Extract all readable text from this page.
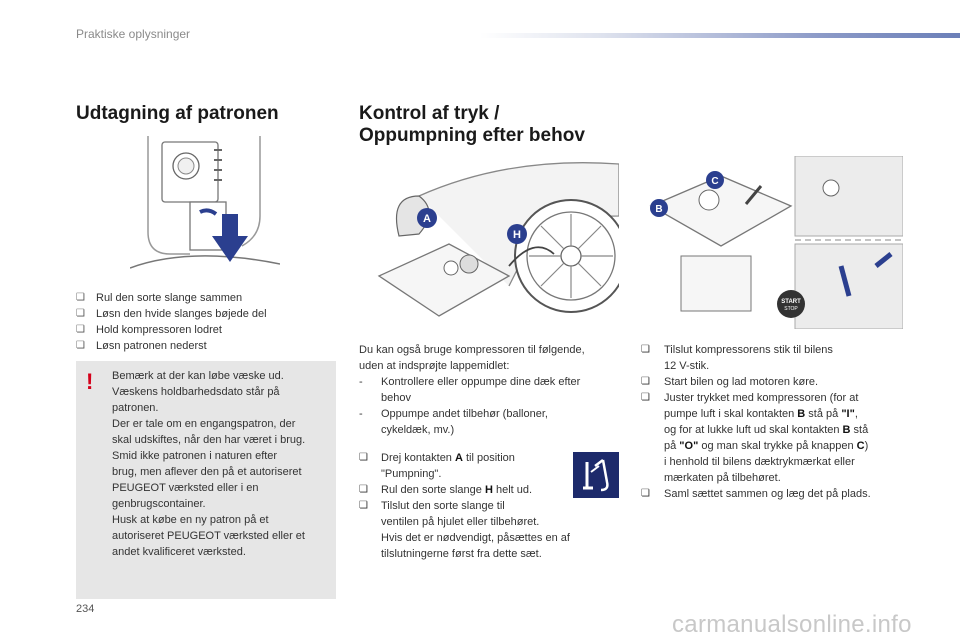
Praktiske oplysninger
Udtagning af patronen
❏ Rul den sorte slange sammen
❏ Løsn den hvide slanges bøjede del
❏ Hold kompressoren lodret
❏ Løsn patronen nederst
! Bemærk at der kan løbe væske ud.
Væskens holdbarhedsdato står på
patronen.
Der er tale om en engangspatron, der
skal udskiftes, når den har været i brug.
Smid ikke patronen i naturen efter
brug, men aflever den på et autoriseret
PEUGEOT værksted eller i en
genbrugscontainer.
Husk at købe en ny patron på et
autoriseret PEUGEOT værksted eller et
andet kvalificeret værksted.

Kontrol af tryk /
Oppumpning efter behov
A
H
START
STOP
B
C

Du kan også bruge kompressoren til følgende,
uden at indsprøjte lappemidlet:

- Kontrollere eller oppumpe dine dæk efter
behov
- Oppumpe andet tilbehør (balloner,
cykeldæk, mv.)
❏ Drej kontakten A til position
"Pumpning".
❏ Rul den sorte slange H helt ud.
❏ Tilslut den sorte slange til
ventilen på hjulet eller tilbehøret.
Hvis det er nødvendigt, påsættes en af
tilslutningerne først fra dette sæt.
❏ Tilslut kompressorens stik til bilens
12 V-stik.
❏ Start bilen og lad motoren køre.
❏ Juster trykket med kompressoren (for at
pumpe luft i skal kontakten B stå på "I",
og for at lukke luft ud skal kontakten B stå
på "O" og man skal trykke på knappen C)
i henhold til bilens dæktrykmærkat eller
mærkaten på tilbehøret.
❏ Saml sættet sammen og læg det på plads.
234
carmanualsonline.info
